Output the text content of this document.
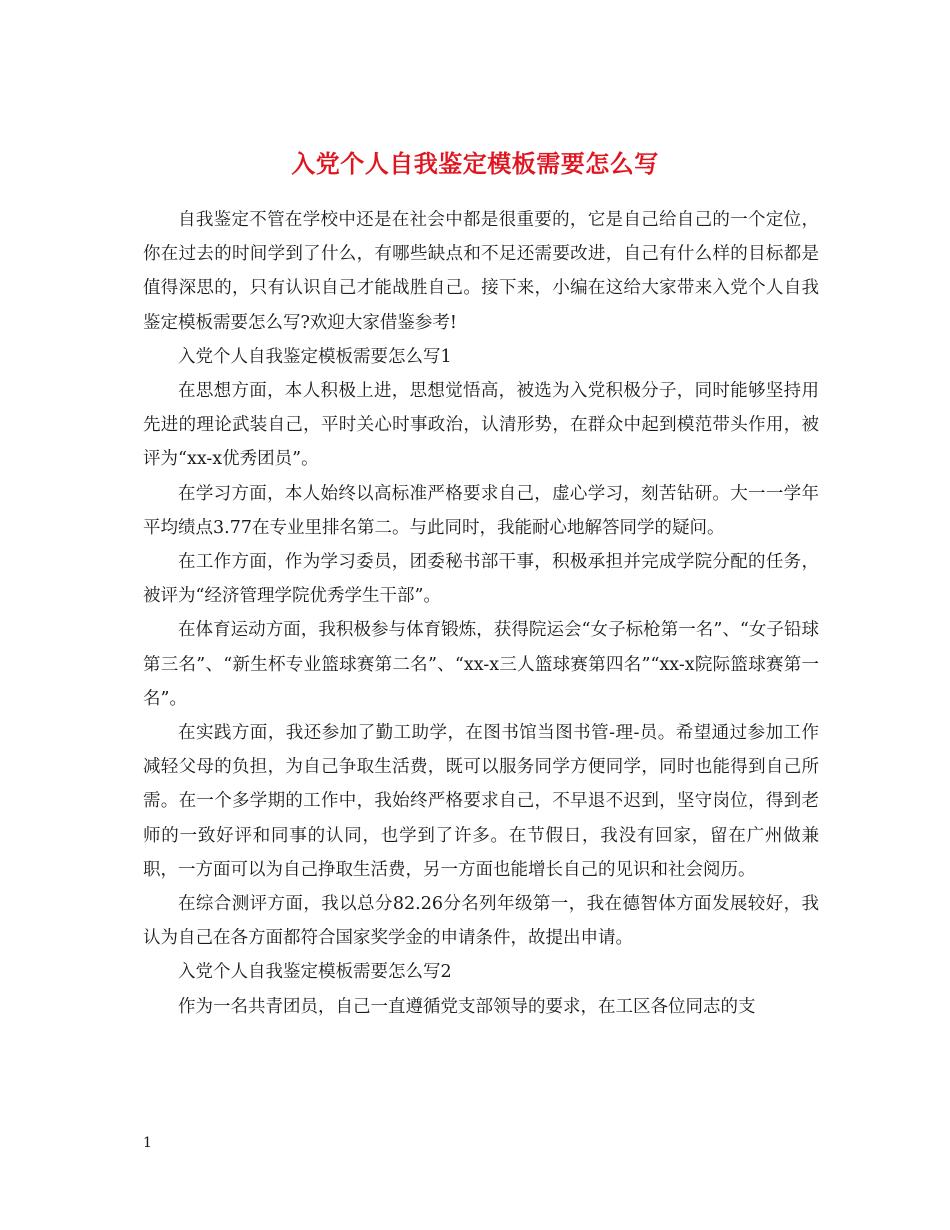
入党个人自我鉴定模板需要怎么写

自我鉴定不管在学校中还是在社会中都是很重要的，它是自己给自己的一个定位，你在过去的时间学到了什么，有哪些缺点和不足还需要改进，自己有什么样的目标都是值得深思的，只有认识自己才能战胜自己。接下来，小编在这给大家带来入党个人自我鉴定模板需要怎么写?欢迎大家借鉴参考!

入党个人自我鉴定模板需要怎么写1

在思想方面，本人积极上进，思想觉悟高，被选为入党积极分子，同时能够坚持用先进的理论武装自己，平时关心时事政治，认清形势，在群众中起到模范带头作用，被评为“xx-x优秀团员”。

在学习方面，本人始终以高标准严格要求自己，虚心学习，刻苦钻研。大一一学年平均绩点3.77在专业里排名第二。与此同时，我能耐心地解答同学的疑问。

在工作方面，作为学习委员，团委秘书部干事，积极承担并完成学院分配的任务，被评为“经济管理学院优秀学生干部”。

在体育运动方面，我积极参与体育锻炼，获得院运会“女子标枪第一名”、“女子铅球第三名”、“新生杯专业篮球赛第二名”、“xx-x三人篮球赛第四名”“xx-x院际篮球赛第一名”。

在实践方面，我还参加了勤工助学，在图书馆当图书管-理-员。希望通过参加工作减轻父母的负担，为自己争取生活费，既可以服务同学方便同学，同时也能得到自己所需。在一个多学期的工作中，我始终严格要求自己，不早退不迟到，坚守岗位，得到老师的一致好评和同事的认同，也学到了许多。在节假日，我没有回家，留在广州做兼职，一方面可以为自己挣取生活费，另一方面也能增长自己的见识和社会阅历。

在综合测评方面，我以总分82.26分名列年级第一，我在德智体方面发展较好，我认为自己在各方面都符合国家奖学金的申请条件，故提出申请。

入党个人自我鉴定模板需要怎么写2

作为一名共青团员，自己一直遵循党支部领导的要求，在工区各位同志的支

1
